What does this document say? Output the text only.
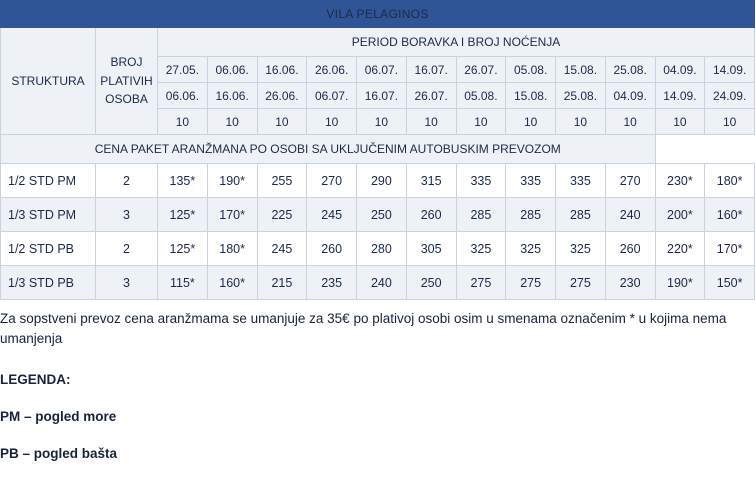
VILA PELAGINOS													
STRUKTURA	BROJ PLATIVIH OSOBA	PERIOD BORAVKA I BROJ NOĆENJA											
		27.05.	06.06.	16.06.	26.06.	06.07.	16.07.	26.07.	05.08.	15.08.	25.08.	04.09.	14.09.
		06.06.	16.06.	26.06.	06.07.	16.07.	26.07.	05.08.	15.08.	25.08.	04.09.	14.09.	24.09.
		10	10	10	10	10	10	10	10	10	10	10	10
CENA PAKET ARANŽMANA PO OSOBI SA UKLJUČENIM AUTOBUSKIM PREVOZOM													
1/2 STD PM	2	135*	190*	255	270	290	315	335	335	335	270	230*	180*
1/3 STD PM	3	125*	170*	225	245	250	260	285	285	285	240	200*	160*
1/2 STD PB	2	125*	180*	245	260	280	305	325	325	325	260	220*	170*
1/3 STD PB	3	115*	160*	215	235	240	250	275	275	275	230	190*	150*

Za sopstveni prevoz cena aranžmama se umanjuje za 35€ po plativoj osobi osim u smenama označenim * u kojima nema umanjenja

LEGENDA:

PM – pogled more

PB – pogled bašta
